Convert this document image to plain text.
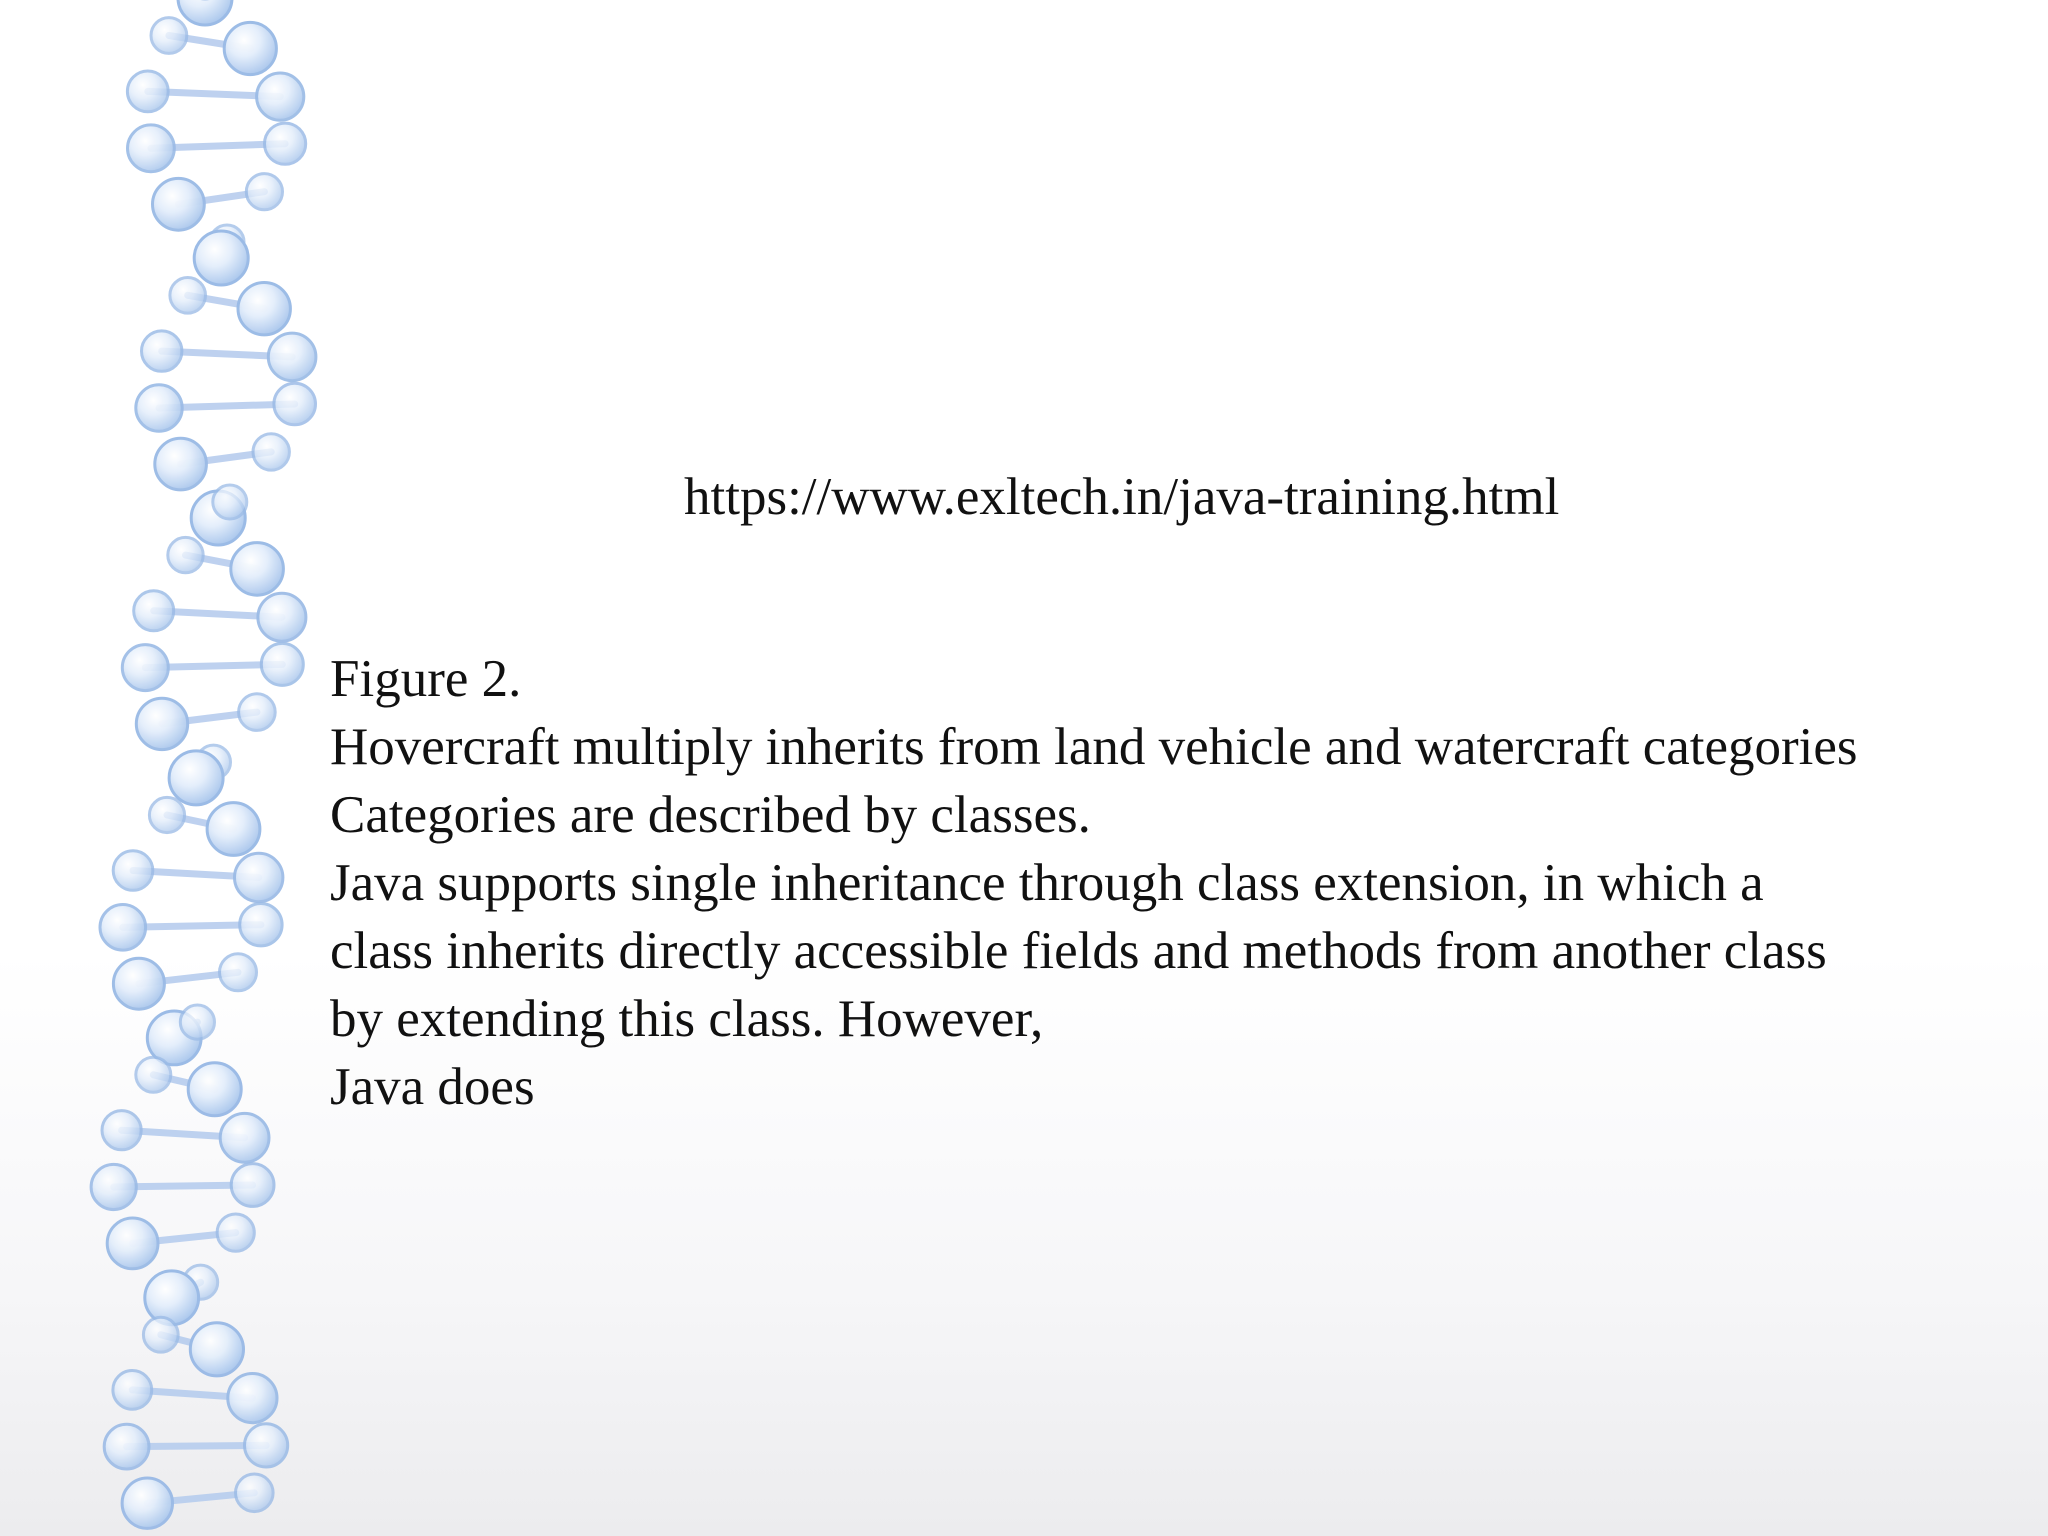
https://www.exltech.in/java-training.html

Figure 2.
Hovercraft multiply inherits from land vehicle and watercraft categories
Categories are described by classes.
Java supports single inheritance through class extension, in which a
class inherits directly accessible fields and methods from another class
by extending this class. However,
Java does
